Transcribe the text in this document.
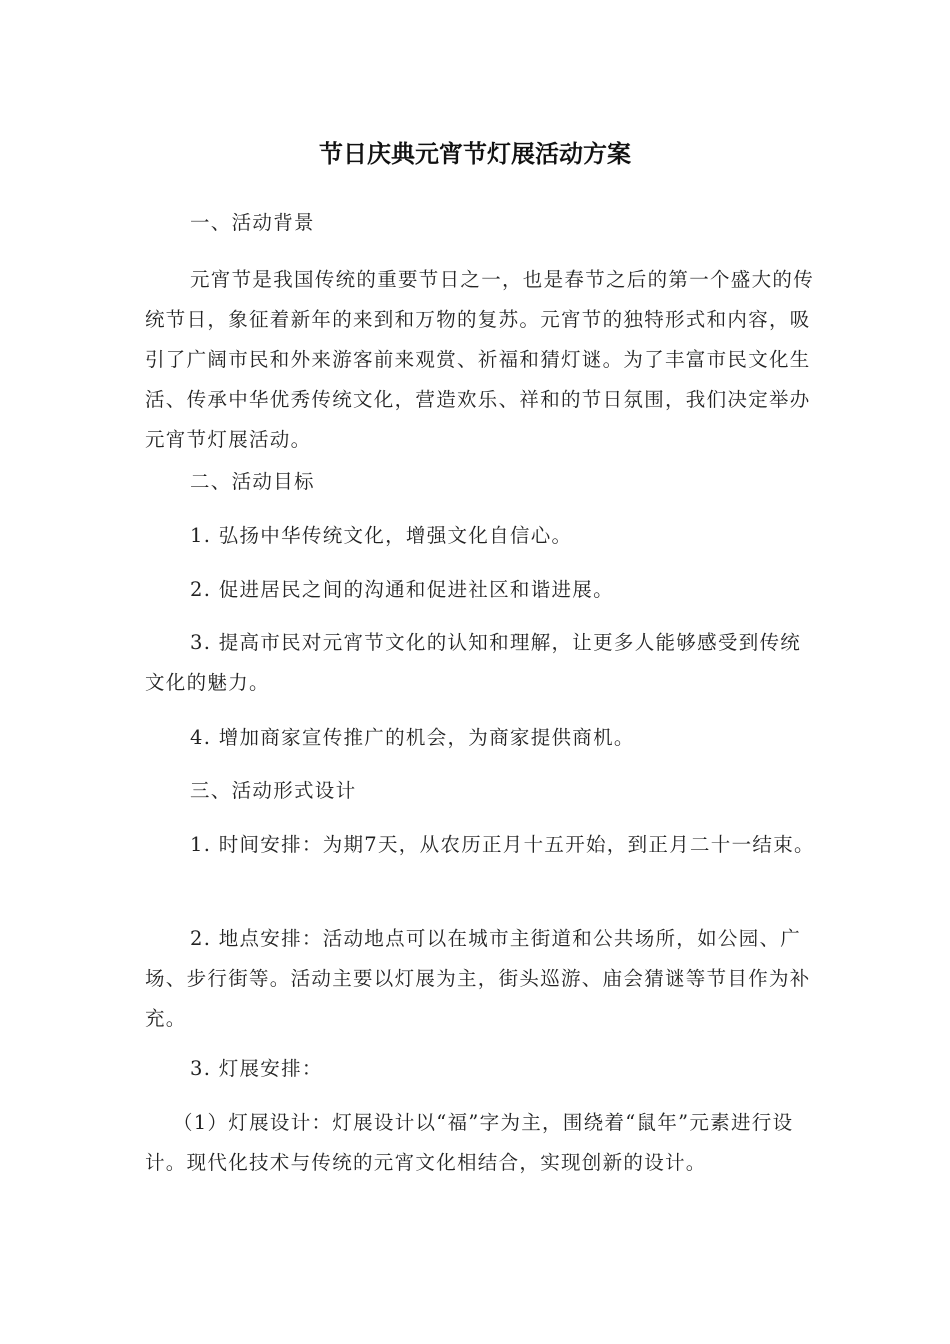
节日庆典元宵节灯展活动方案

一、活动背景

元宵节是我国传统的重要节日之一，也是春节之后的第一个盛大的传统节日，象征着新年的来到和万物的复苏。元宵节的独特形式和内容，吸引了广阔市民和外来游客前来观赏、祈福和猜灯谜。为了丰富市民文化生活、传承中华优秀传统文化，营造欢乐、祥和的节日氛围，我们决定举办元宵节灯展活动。

二、活动目标

1. 弘扬中华传统文化，增强文化自信心。

2. 促进居民之间的沟通和促进社区和谐进展。

3. 提高市民对元宵节文化的认知和理解，让更多人能够感受到传统文化的魅力。

4. 增加商家宣传推广的机会，为商家提供商机。

三、活动形式设计

1. 时间安排：为期7天，从农历正月十五开始，到正月二十一结束。

2. 地点安排：活动地点可以在城市主街道和公共场所，如公园、广场、步行街等。活动主要以灯展为主，街头巡游、庙会猜谜等节目作为补充。

3. 灯展安排：

（1）灯展设计：灯展设计以“福”字为主，围绕着“鼠年”元素进行设计。现代化技术与传统的元宵文化相结合，实现创新的设计。
